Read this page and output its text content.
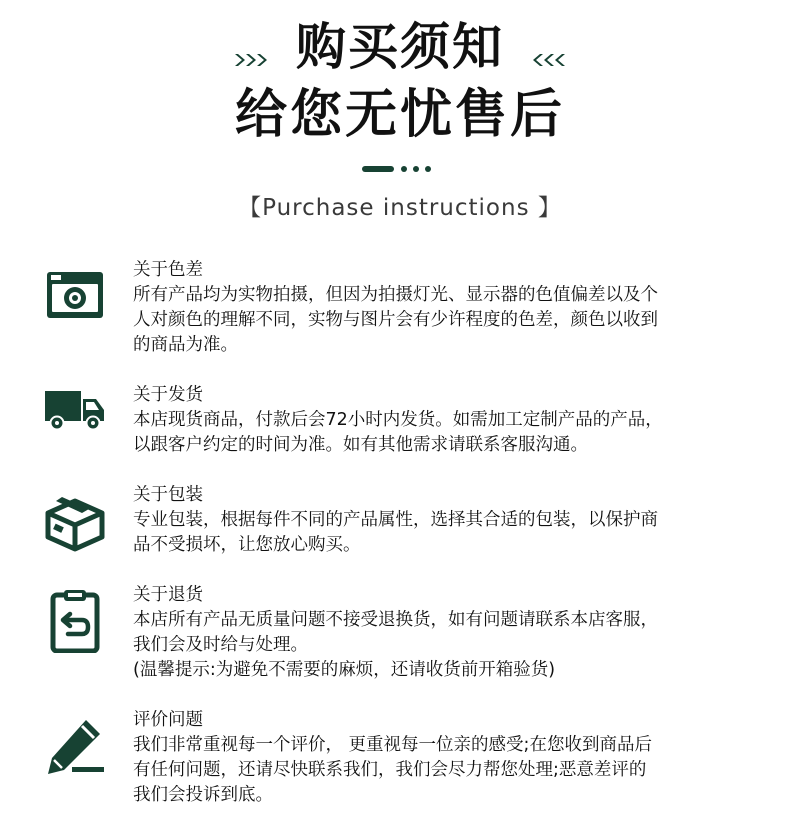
购买须知
给您无忧售后
【Purchase instructions 】
关于色差
所有产品均为实物拍摄，但因为拍摄灯光、显示器的色值偏差以及个
人对颜色的理解不同，实物与图片会有少许程度的色差，颜色以收到
的商品为准。
关于发货
本店现货商品，付款后会72小时内发货。如需加工定制产品的产品，
以跟客户约定的时间为准。如有其他需求请联系客服沟通。
关于包装
专业包装，根据每件不同的产品属性，选择其合适的包装，以保护商
品不受损坏，让您放心购买。
关于退货
本店所有产品无质量问题不接受退换货，如有问题请联系本店客服，
我们会及时给与处理。
(温馨提示:为避免不需要的麻烦，还请收货前开箱验货)
评价问题
我们非常重视每一个评价， 更重视每一位亲的感受;在您收到商品后
有任何问题，还请尽快联系我们，我们会尽力帮您处理;恶意差评的
我们会投诉到底。
